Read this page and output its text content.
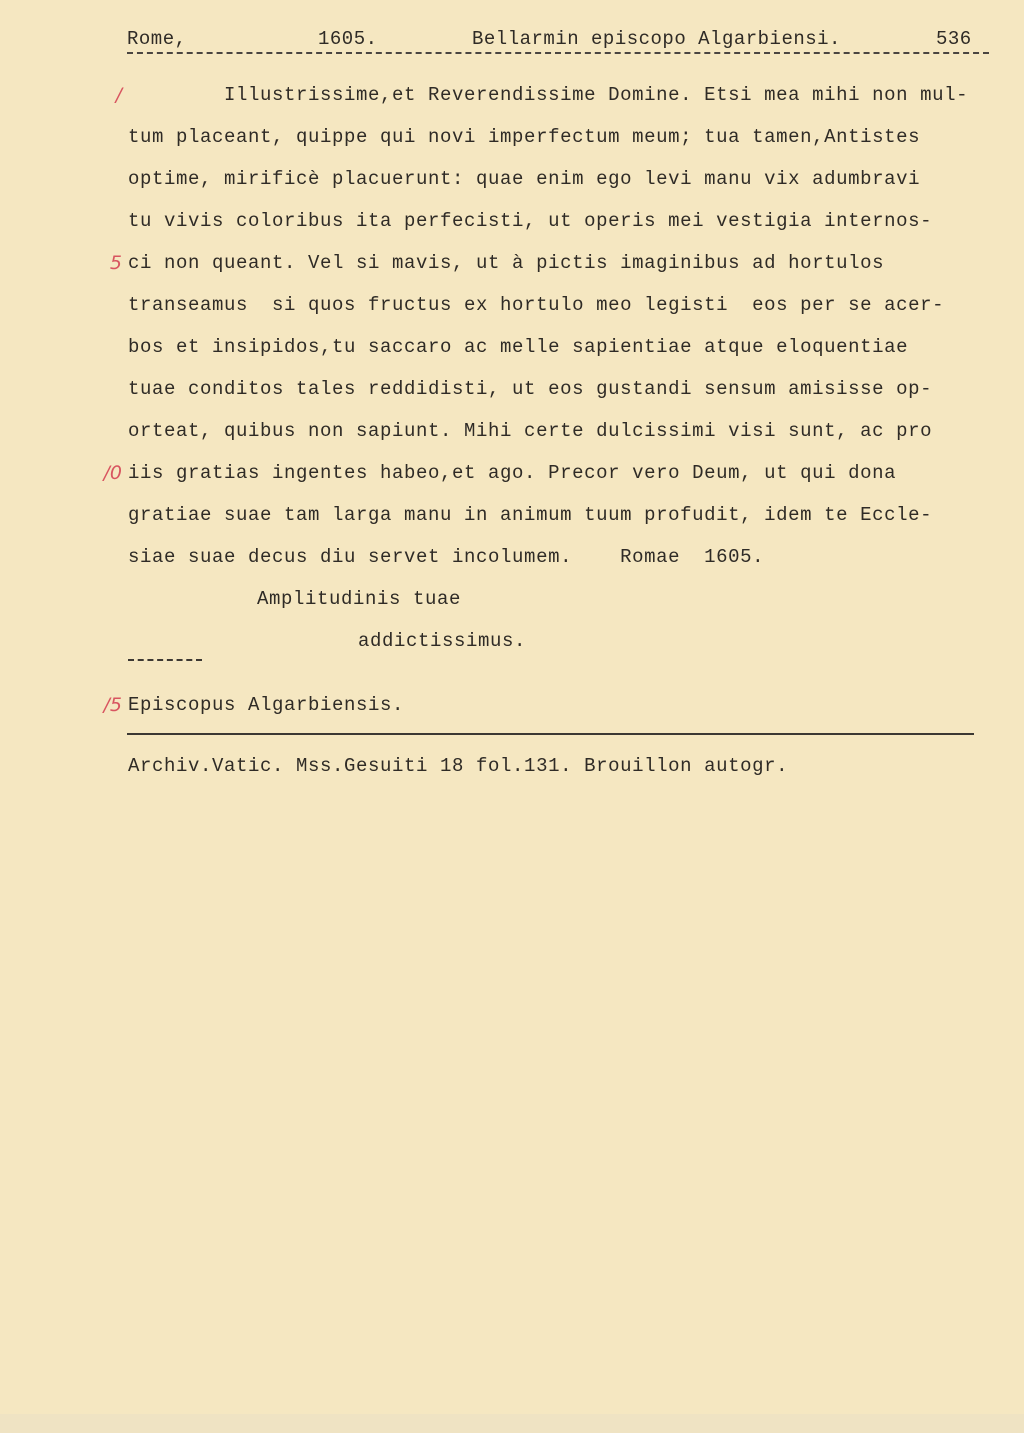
Rome,	1605.	Bellarmin episcopo Algarbiensi.	536
/
5
/0
/5
Illustrissime,et Reverendissime Domine. Etsi mea mihi non mul-
tum placeant, quippe qui novi imperfectum meum; tua tamen,Antistes
optime, mirificè placuerunt: quae enim ego levi manu vix adumbravi
tu vivis coloribus ita perfecisti, ut operis mei vestigia internos-
ci non queant. Vel si mavis, ut à pictis imaginibus ad hortulos
transeamus  si quos fructus ex hortulo meo legisti  eos per se acer-
bos et insipidos,tu saccaro ac melle sapientiae atque eloquentiae
tuae conditos tales reddidisti, ut eos gustandi sensum amisisse op-
orteat, quibus non sapiunt. Mihi certe dulcissimi visi sunt, ac pro
iis gratias ingentes habeo,et ago. Precor vero Deum, ut qui dona
gratiae suae tam larga manu in animum tuum profudit, idem te Eccle-
siae suae decus diu servet incolumem.    Romae  1605.
Amplitudinis tuae
addictissimus.
Episcopus Algarbiensis.
Archiv.Vatic. Mss.Gesuiti 18 fol.131. Brouillon autogr.
